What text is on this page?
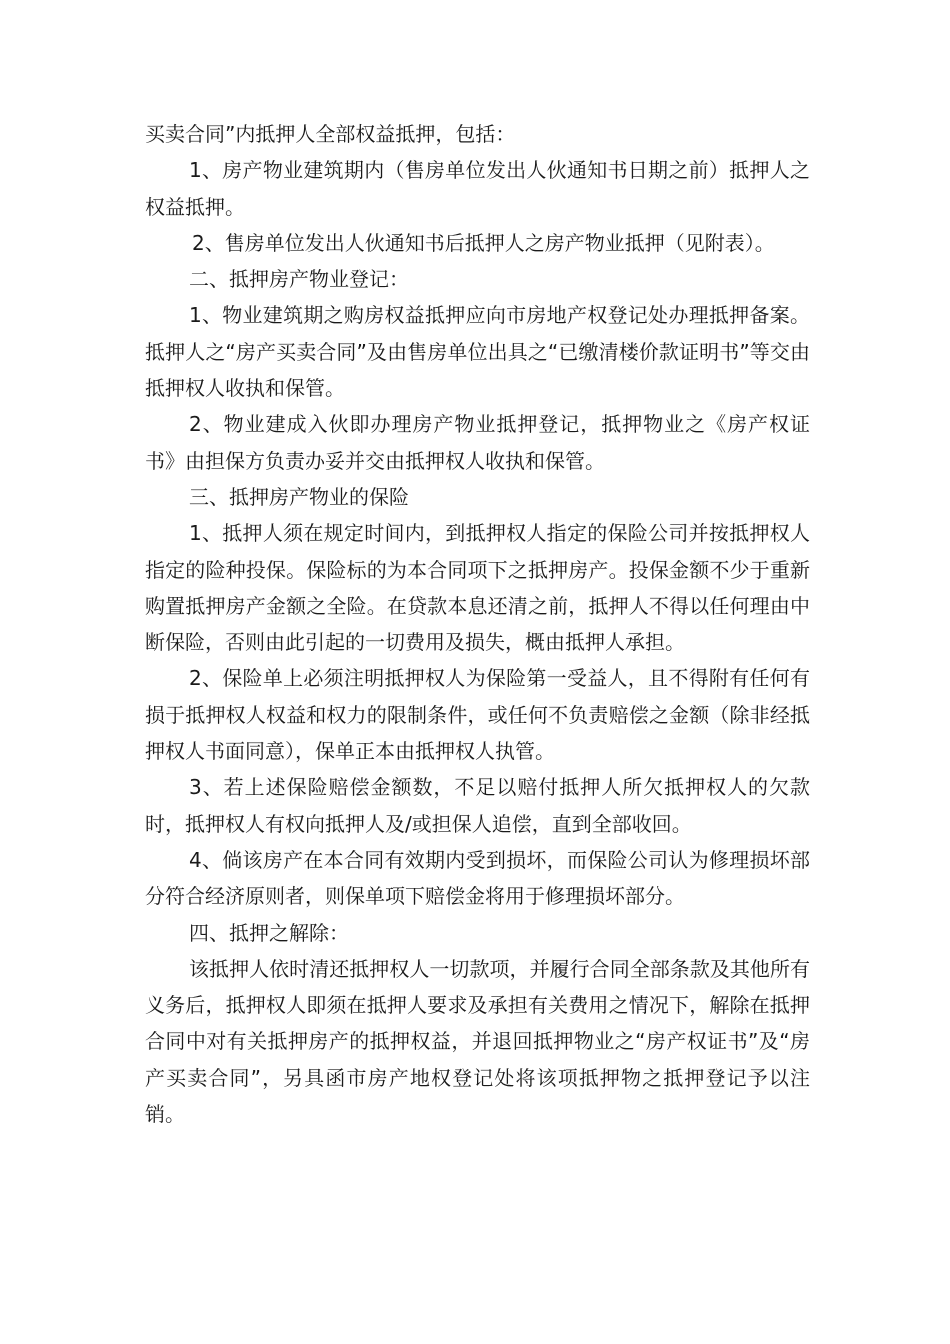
买卖合同”内抵押人全部权益抵押，包括：

1、房产物业建筑期内（售房单位发出人伙通知书日期之前）抵押人之权益抵押。

2、售房单位发出人伙通知书后抵押人之房产物业抵押（见附表）。

二、抵押房产物业登记：

1、物业建筑期之购房权益抵押应向市房地产权登记处办理抵押备案。抵押人之“房产买卖合同”及由售房单位出具之“已缴清楼价款证明书”等交由抵押权人收执和保管。

2、物业建成入伙即办理房产物业抵押登记，抵押物业之《房产权证书》由担保方负责办妥并交由抵押权人收执和保管。

三、抵押房产物业的保险

1、抵押人须在规定时间内，到抵押权人指定的保险公司并按抵押权人指定的险种投保。保险标的为本合同项下之抵押房产。投保金额不少于重新购置抵押房产金额之全险。在贷款本息还清之前，抵押人不得以任何理由中断保险，否则由此引起的一切费用及损失，概由抵押人承担。

2、保险单上必须注明抵押权人为保险第一受益人，且不得附有任何有损于抵押权人权益和权力的限制条件，或任何不负责赔偿之金额（除非经抵押权人书面同意），保单正本由抵押权人执管。

3、若上述保险赔偿金额数，不足以赔付抵押人所欠抵押权人的欠款时，抵押权人有权向抵押人及/或担保人追偿，直到全部收回。

4、倘该房产在本合同有效期内受到损坏，而保险公司认为修理损坏部分符合经济原则者，则保单项下赔偿金将用于修理损坏部分。

四、抵押之解除：

该抵押人依时清还抵押权人一切款项，并履行合同全部条款及其他所有义务后，抵押权人即须在抵押人要求及承担有关费用之情况下，解除在抵押合同中对有关抵押房产的抵押权益，并退回抵押物业之“房产权证书”及“房产买卖合同”，另具函市房产地权登记处将该项抵押物之抵押登记予以注销。
